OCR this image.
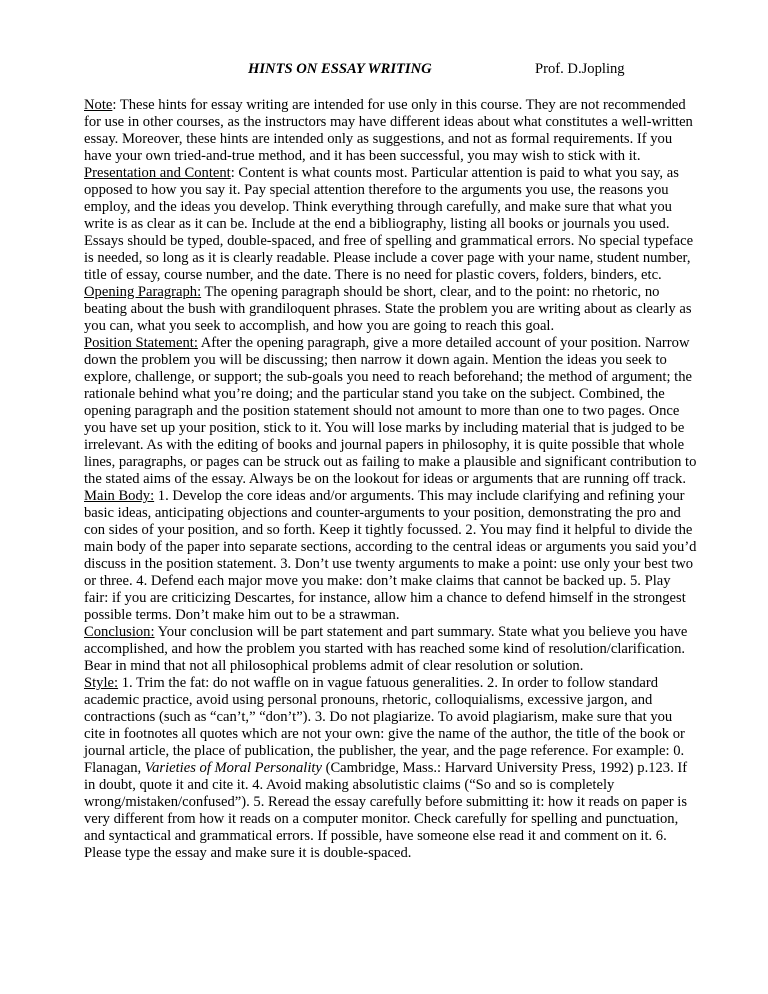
HINTS ON ESSAY WRITING	Prof. D.Jopling
Note: These hints for essay writing are intended for use only in this course. They are not recommended
for use in other courses, as the instructors may have different ideas about what constitutes a well-written
essay. Moreover, these hints are intended only as suggestions, and not as formal requirements. If you
have your own tried-and-true method, and it has been successful, you may wish to stick with it.
Presentation and Content: Content is what counts most. Particular attention is paid to what you say, as
opposed to how you say it. Pay special attention therefore to the arguments you use, the reasons you
employ, and the ideas you develop. Think everything through carefully, and make sure that what you
write is as clear as it can be. Include at the end a bibliography, listing all books or journals you used.
Essays should be typed, double-spaced, and free of spelling and grammatical errors. No special typeface
is needed, so long as it is clearly readable. Please include a cover page with your name, student number,
title of essay, course number, and the date. There is no need for plastic covers, folders, binders, etc.
Opening Paragraph: The opening paragraph should be short, clear, and to the point: no rhetoric, no
beating about the bush with grandiloquent phrases. State the problem you are writing about as clearly as
you can, what you seek to accomplish, and how you are going to reach this goal.
Position Statement: After the opening paragraph, give a more detailed account of your position. Narrow
down the problem you will be discussing; then narrow it down again. Mention the ideas you seek to
explore, challenge, or support; the sub-goals you need to reach beforehand; the method of argument; the
rationale behind what you’re doing; and the particular stand you take on the subject. Combined, the
opening paragraph and the position statement should not amount to more than one to two pages. Once
you have set up your position, stick to it. You will lose marks by including material that is judged to be
irrelevant. As with the editing of books and journal papers in philosophy, it is quite possible that whole
lines, paragraphs, or pages can be struck out as failing to make a plausible and significant contribution to
the stated aims of the essay. Always be on the lookout for ideas or arguments that are running off track.
Main Body: 1. Develop the core ideas and/or arguments. This may include clarifying and refining your
basic ideas, anticipating objections and counter-arguments to your position, demonstrating the pro and
con sides of your position, and so forth. Keep it tightly focussed. 2. You may find it helpful to divide the
main body of the paper into separate sections, according to the central ideas or arguments you said you’d
discuss in the position statement. 3. Don’t use twenty arguments to make a point: use only your best two
or three. 4. Defend each major move you make: don’t make claims that cannot be backed up. 5. Play
fair: if you are criticizing Descartes, for instance, allow him a chance to defend himself in the strongest
possible terms. Don’t make him out to be a strawman.
Conclusion: Your conclusion will be part statement and part summary. State what you believe you have
accomplished, and how the problem you started with has reached some kind of resolution/clarification.
Bear in mind that not all philosophical problems admit of clear resolution or solution.
Style: 1. Trim the fat: do not waffle on in vague fatuous generalities. 2. In order to follow standard
academic practice, avoid using personal pronouns, rhetoric, colloquialisms, excessive jargon, and
contractions (such as “can’t,” “don’t”). 3. Do not plagiarize. To avoid plagiarism, make sure that you
cite in footnotes all quotes which are not your own: give the name of the author, the title of the book or
journal article, the place of publication, the publisher, the year, and the page reference. For example: 0.
Flanagan, Varieties of Moral Personality (Cambridge, Mass.: Harvard University Press, 1992) p.123. If
in doubt, quote it and cite it. 4. Avoid making absolutistic claims (“So and so is completely
wrong/mistaken/confused”). 5. Reread the essay carefully before submitting it: how it reads on paper is
very different from how it reads on a computer monitor. Check carefully for spelling and punctuation,
and syntactical and grammatical errors. If possible, have someone else read it and comment on it. 6.
Please type the essay and make sure it is double-spaced.
